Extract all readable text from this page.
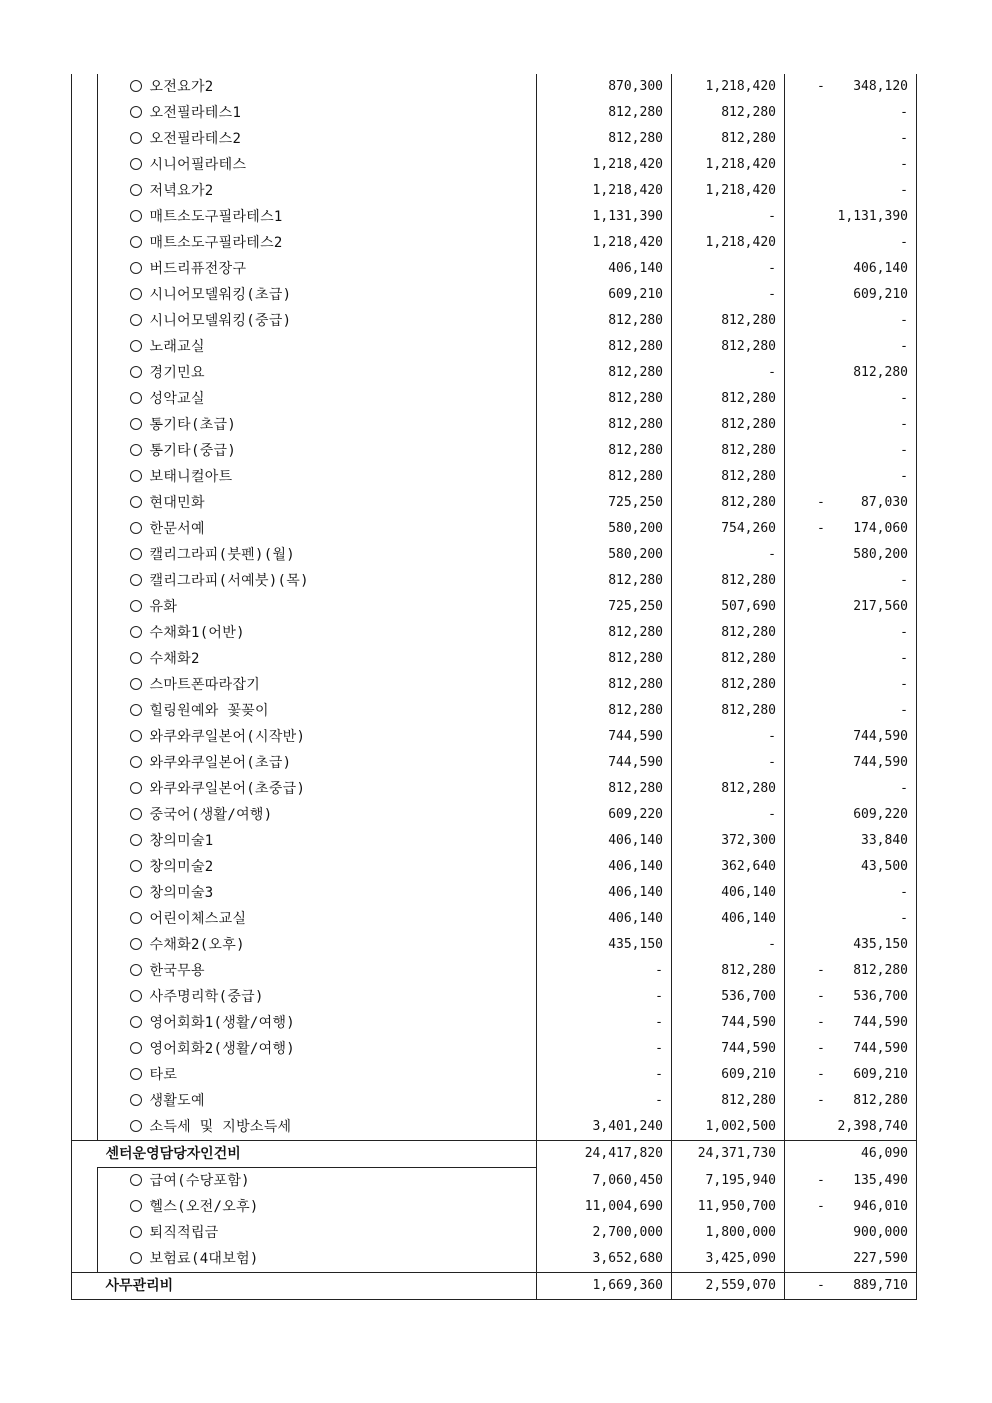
		오전요가2	870,300	1,218,420	- 348,120
		오전필라테스1	812,280	812,280	-
		오전필라테스2	812,280	812,280	-
		시니어필라테스	1,218,420	1,218,420	-
		저녁요가2	1,218,420	1,218,420	-
		매트소도구필라테스1	1,131,390	-	1,131,390
		매트소도구필라테스2	1,218,420	1,218,420	-
		버드리퓨전장구	406,140	-	406,140
		시니어모델워킹(초급)	609,210	-	609,210
		시니어모델워킹(중급)	812,280	812,280	-
		노래교실	812,280	812,280	-
		경기민요	812,280	-	812,280
		성악교실	812,280	812,280	-
		통기타(초급)	812,280	812,280	-
		통기타(중급)	812,280	812,280	-
		보태니컬아트	812,280	812,280	-
		현대민화	725,250	812,280	- 87,030
		한문서예	580,200	754,260	- 174,060
		캘리그라피(붓펜)(월)	580,200	-	580,200
		캘리그라피(서예붓)(목)	812,280	812,280	-
		유화	725,250	507,690	217,560
		수채화1(어반)	812,280	812,280	-
		수채화2	812,280	812,280	-
		스마트폰따라잡기	812,280	812,280	-
		힐링원예와 꽃꽂이	812,280	812,280	-
		와쿠와쿠일본어(시작반)	744,590	-	744,590
		와쿠와쿠일본어(초급)	744,590	-	744,590
		와쿠와쿠일본어(초중급)	812,280	812,280	-
		중국어(생활/여행)	609,220	-	609,220
		창의미술1	406,140	372,300	33,840
		창의미술2	406,140	362,640	43,500
		창의미술3	406,140	406,140	-
		어린이체스교실	406,140	406,140	-
		수채화2(오후)	435,150	-	435,150
		한국무용	-	812,280	- 812,280
		사주명리학(중급)	-	536,700	- 536,700
		영어회화1(생활/여행)	-	744,590	- 744,590
		영어회화2(생활/여행)	-	744,590	- 744,590
		타로	-	609,210	- 609,210
		생활도예	-	812,280	- 812,280
		소득세 및 지방소득세	3,401,240	1,002,500	2,398,740
	센터운영담당자인건비		24,417,820	24,371,730	46,090
		급여(수당포함)	7,060,450	7,195,940	- 135,490
		헬스(오전/오후)	11,004,690	11,950,700	- 946,010
		퇴직적립금	2,700,000	1,800,000	900,000
		보험료(4대보험)	3,652,680	3,425,090	227,590
	사무관리비		1,669,360	2,559,070	- 889,710
